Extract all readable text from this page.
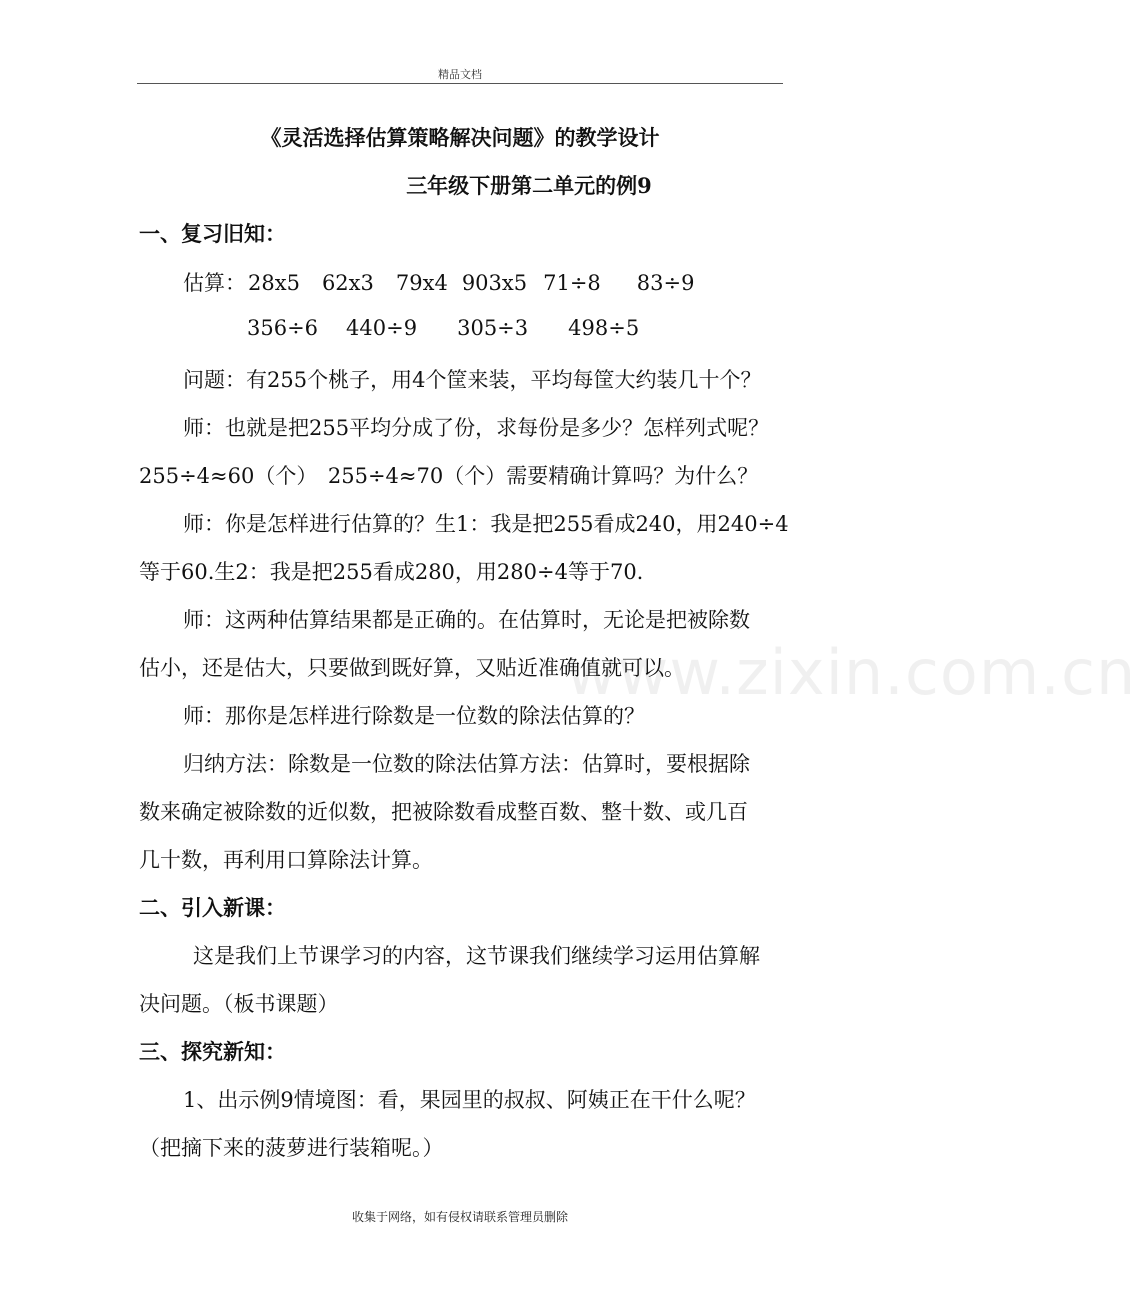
精品文档
《灵活选择估算策略解决问题》的教学设计
三年级下册第二单元的例9
一、复习旧知：
估算：28x5 62x3 79x4 903x5 71÷8 83÷9
356÷6 440÷9 305÷3 498÷5
问题：有255个桃子，用4个筐来装，平均每筐大约装几十个？
师：也就是把255平均分成了份，求每份是多少？怎样列式呢？
255÷4≈60（个）　255÷4≈70（个）需要精确计算吗？为什么？
师：你是怎样进行估算的？生1：我是把255看成240，用240÷4
等于60.生2：我是把255看成280，用280÷4等于70.
师：这两种估算结果都是正确的。在估算时，无论是把被除数
估小，还是估大，只要做到既好算，又贴近准确值就可以。
师：那你是怎样进行除数是一位数的除法估算的？
归纳方法：除数是一位数的除法估算方法：估算时，要根据除
数来确定被除数的近似数，把被除数看成整百数、整十数、或几百
几十数，再利用口算除法计算。
二、引入新课：
这是我们上节课学习的内容，这节课我们继续学习运用估算解
决问题。（板书课题）
三、探究新知：
1、出示例9情境图：看，果园里的叔叔、阿姨正在干什么呢？
（把摘下来的菠萝进行装箱呢。）
www.zixin.com.cn
收集于网络，如有侵权请联系管理员删除
